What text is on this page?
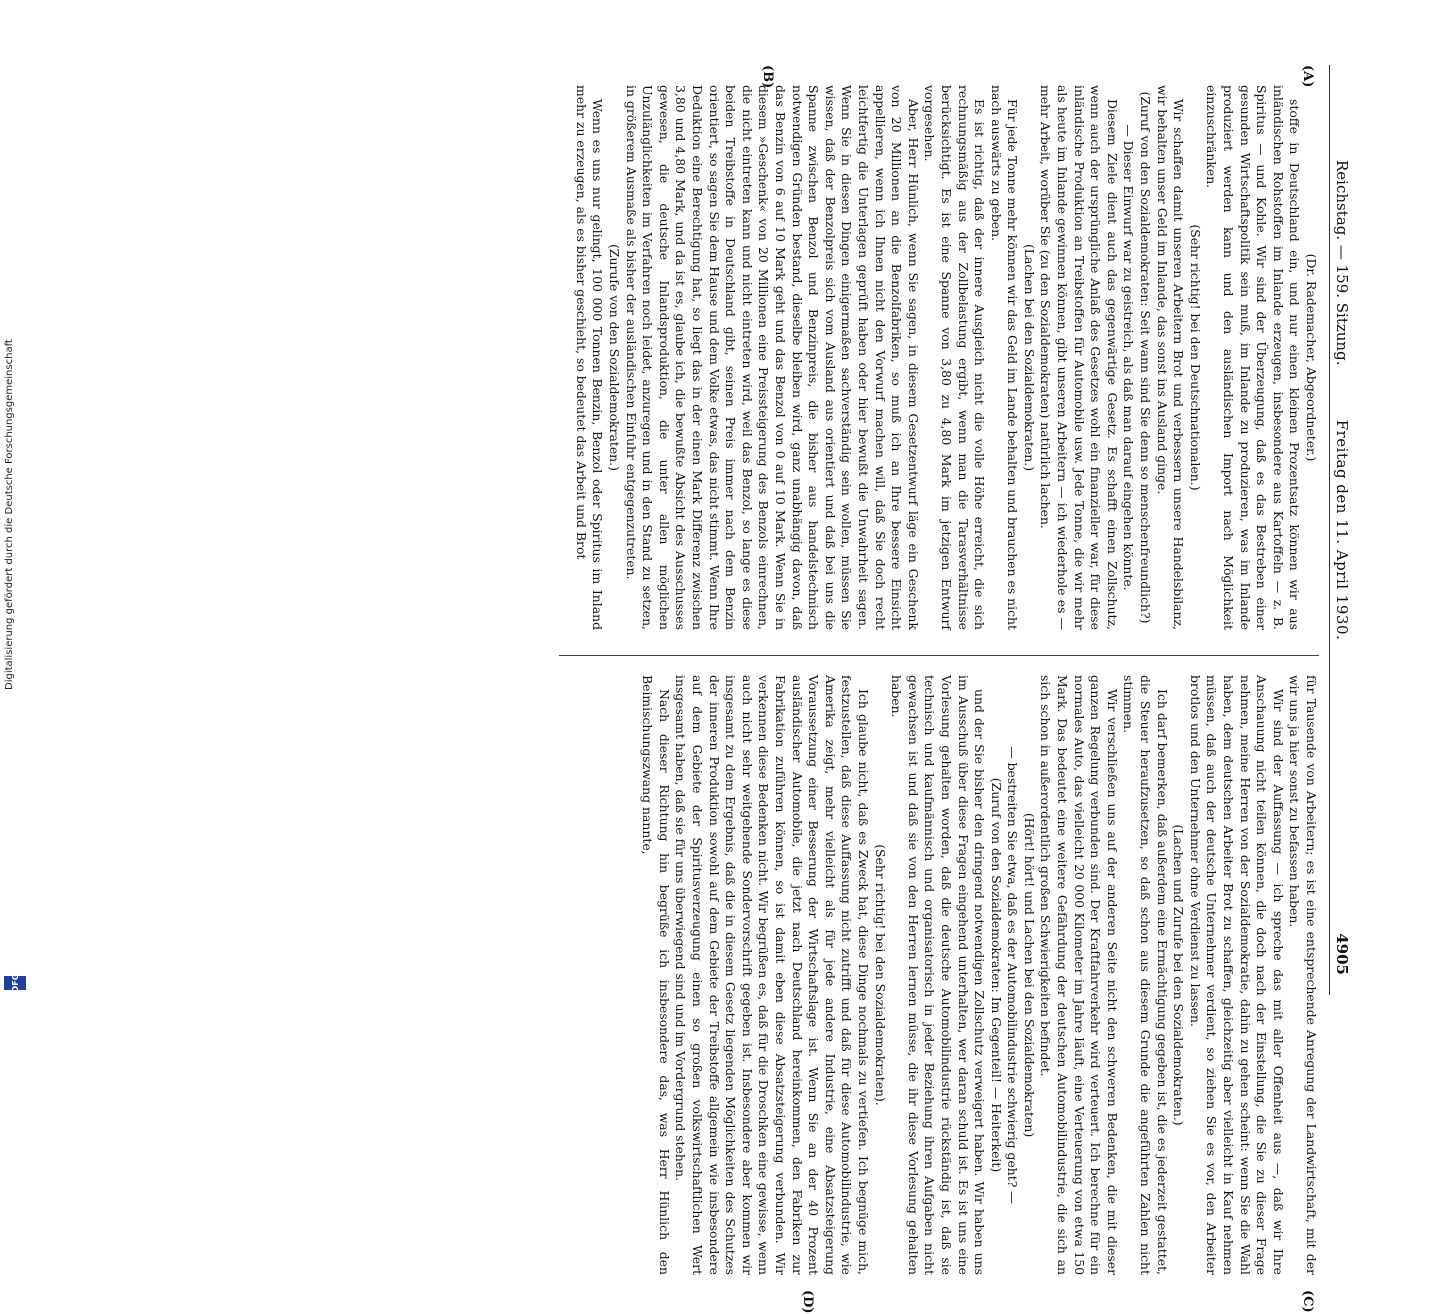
Reichstag. — 159. Sitzung.
Freitag den 11. April 1930.
4905
(A)
(B)
(C)
(D)

(Dr. Rademacher, Abgeordneter.)

stoffe in Deutschland ein, und nur einen kleinen Prozentsatz können wir aus inländischen Rohstoffen im Inlande erzeugen, insbesondere aus Kartoffeln — z. B. Spiritus — und Kohle. Wir sind der Überzeugung, daß es das Bestreben einer gesunden Wirtschaftspolitik sein muß, im Inlande zu produzieren, was im Inlande produziert werden kann und den ausländischen Import nach Möglichkeit einzuschränken.

(Sehr richtig! bei den Deutschnationalen.)

Wir schaffen damit unseren Arbeitern Brot und verbessern unsere Handelsbilanz, wir behalten unser Geld im Inlande, das sonst ins Ausland ginge.

(Zuruf von den Sozialdemokraten: Seit wann sind Sie denn so menschenfreundlich?)

— Dieser Einwurf war zu geistreich, als daß man darauf eingehen könnte.

Diesem Ziele dient auch das gegenwärtige Gesetz. Es schafft einen Zollschutz, wenn auch der ursprüngliche Anlaß des Gesetzes wohl ein finanzieller war, für diese inländische Produktion an Treibstoffen für Automobile usw. Jede Tonne, die wir mehr als heute im Inlande gewinnen können, gibt unseren Arbeitern — ich wiederhole es — mehr Arbeit, worüber Sie (zu den Sozialdemokraten) natürlich lachen.

(Lachen bei den Sozialdemokraten.)

Für jede Tonne mehr können wir das Geld im Lande behalten und brauchen es nicht nach auswärts zu geben.

Es ist richtig, daß der innere Ausgleich nicht die volle Höhe erreicht, die sich rechnungsmäßig aus der Zollbelastung ergibt, wenn man die Tarasverhältnisse berücksichtigt. Es ist eine Spanne von 3,80 zu 4,80 Mark im jetzigen Entwurf vorgesehen.

Aber, Herr Hünlich, wenn Sie sagen, in diesem Gesetzentwurf läge ein Geschenk von 20 Millionen an die Benzolfabriken, so muß ich an Ihre bessere Einsicht appellieren, wenn ich Ihnen nicht den Vorwurf machen will, daß Sie doch recht leichtfertig die Unterlagen geprüft haben oder hier bewußt die Unwahrheit sagen. Wenn Sie in diesen Dingen einigermaßen sachverständig sein wollen, müssen Sie wissen, daß der Benzolpreis sich vom Ausland aus orientiert und daß bei uns die Spanne zwischen Benzol und Benzinpreis, die bisher aus handelstechnisch notwendigen Gründen bestand, dieselbe bleiben wird, ganz unabhängig davon, daß das Benzin von 6 auf 10 Mark geht und das Benzol von 0 auf 10 Mark. Wenn Sie in diesem »Geschenk« von 20 Millionen eine Preissteigerung des Benzols einrechnen, die nicht eintreten kann und nicht eintreten wird, weil das Benzol, so lange es diese beiden Treibstoffe in Deutschland gibt, seinen Preis immer nach dem Benzin orientiert, so sagen Sie dem Hause und dem Volke etwas, das nicht stimmt. Wenn Ihre Deduktion eine Berechtigung hat, so liegt das in der einen Mark Differenz zwischen 3,80 und 4,80 Mark, und da ist es, glaube ich, die bewußte Absicht des Ausschusses gewesen, die deutsche Inlandsproduktion, die unter allen möglichen Unzulänglichkeiten im Verfahren noch leidet, anzuregen und in den Stand zu setzen, in größerem Ausmaße als bisher der ausländischen Einfuhr entgegenzutreten.

(Zurufe von den Sozialdemokraten.)

Wenn es uns nur gelingt, 100 000 Tonnen Benzin, Benzol oder Spiritus im Inland mehr zu erzeugen, als es bisher geschieht, so bedeutet das Arbeit und Brot

für Tausende von Arbeitern; es ist eine entsprechende Anregung der Landwirtschaft, mit der wir uns ja hier sonst zu befassen haben.

Wir sind der Auffassung — ich spreche das mit aller Offenheit aus —, daß wir Ihre Anschauung nicht teilen können, die doch nach der Einstellung, die Sie zu dieser Frage nehmen, meine Herren von der Sozialdemokratie, dahin zu gehen scheint: wenn Sie die Wahl haben, dem deutschen Arbeiter Brot zu schaffen, gleichzeitig aber vielleicht in Kauf nehmen müssen, daß auch der deutsche Unternehmer verdient, so ziehen Sie es vor, den Arbeiter brotlos und den Unternehmer ohne Verdienst zu lassen.

(Lachen und Zurufe bei den Sozialdemokraten.)

Ich darf bemerken, daß außerdem eine Ermächtigung gegeben ist, die es jederzeit gestattet, die Steuer heraufzusetzen, so daß schon aus diesem Grunde die angeführten Zahlen nicht stimmen.

Wir verschließen uns auf der anderen Seite nicht den schweren Bedenken, die mit dieser ganzen Regelung verbunden sind. Der Kraftfahrverkehr wird verteuert. Ich berechne für ein normales Auto, das vielleicht 20 000 Kilometer im Jahre läuft, eine Verteuerung von etwa 150 Mark. Das bedeutet eine weitere Gefährdung der deutschen Automobilindustrie, die sich an sich schon in außerordentlich großen Schwierigkeiten befindet.

(Hört! hört! und Lachen bei den Sozialdemokraten)

— bestreiten Sie etwa, daß es der Automobilindustrie schwierig geht? —

(Zuruf von den Sozialdemokraten: Im Gegenteil! — Heiterkeit)

und der Sie bisher den dringend notwendigen Zollschutz verweigert haben. Wir haben uns im Ausschuß über diese Fragen eingehend unterhalten, wer daran schuld ist. Es ist uns eine Vorlesung gehalten worden, daß die deutsche Automobilindustrie rückständig ist, daß sie technisch und kaufmännisch und organisatorisch in jeder Beziehung ihren Aufgaben nicht gewachsen ist und daß sie von den Herren lernen müsse, die ihr diese Vorlesung gehalten haben.

(Sehr richtig! bei den Sozialdemokraten).

Ich glaube nicht, daß es Zweck hat, diese Dinge nochmals zu vertiefen. Ich begnüge mich, festzustellen, daß diese Auffassung nicht zutrifft und daß für diese Automobilindustrie, wie Amerika zeigt, mehr vielleicht als für jede andere Industrie, eine Absatzsteigerung Voraussetzung einer Besserung der Wirtschaftslage ist. Wenn Sie an der 40 Prozent ausländischer Automobile, die jetzt nach Deutschland hereinkommen, den Fabriken zur Fabrikation zuführen können, so ist damit eben diese Absatzsteigerung verbunden. Wir verkennen diese Bedenken nicht. Wir begrüßen es, daß für die Droschken eine gewisse, wenn auch nicht sehr weitgehende Sondervorschrift gegeben ist. Insbesondere aber kommen wir insgesamt zu dem Ergebnis, daß die in diesem Gesetz liegenden Möglichkeiten des Schutzes der inneren Produktion sowohl auf dem Gebiete der Treibstoffe allgemein wie insbesondere auf dem Gebiete der Spiritusverzeugung einen so großen volkswirtschaftlichen Wert insgesamt haben, daß sie für uns überwiegend sind und im Vordergrund stehen.

Nach dieser Richtung hin begrüße ich insbesondere das, was Herr Hünlich den Beimischungszwang nannte,

Digitalisierung gefördert durch die Deutsche Forschungsgemeinschaft
DFG
